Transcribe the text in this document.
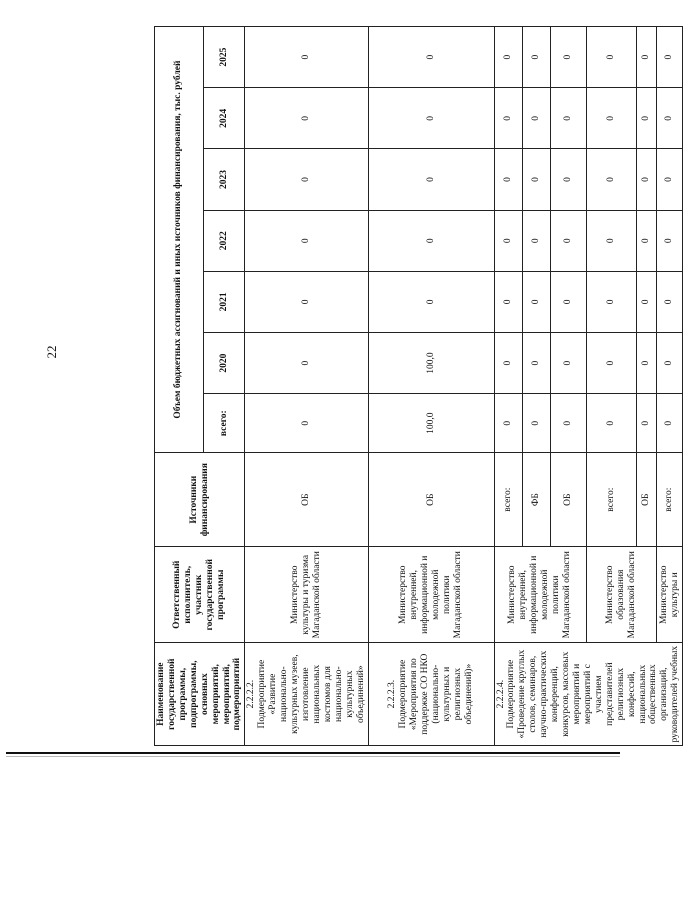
22
Наименование государственной программы, подпрограммы, основных мероприятий, мероприятий, подмероприятий	Ответственный исполнитель, участник государственной программы	Источники финансирования	Объем бюджетных ассигнований и иных источников финансирования, тыс. рублей						
			всего:	2020	2021	2022	2023	2024	2025
2.2.2.2. Подмероприятие «Развитие национально-культурных музеев, изготовление национальных костюмов для национально-культурных объединений»	Министерство культуры и туризма Магаданской области	ОБ	0	0	0	0	0	0	0
2.2.2.3. Подмероприятие «Мероприятия по поддержке СО НКО (национально-культурных и религиозных объединений)»	Министерство внутренней, информационной и молодежной политики Магаданской области	ОБ	100,0	100,0	0	0	0	0	0
2.2.2.4. Подмероприятие «Проведение круглых столов, семинаров, научно-практических конференций, конкурсов, массовых мероприятий и мероприятий с участием представителей религиозных конфессий, национальных общественных организаций, руководителей учебных	Министерство внутренней, информационной и молодежной политики Магаданской области	всего:	0	0	0	0	0	0	0
		ФБ	0	0	0	0	0	0	0
		ОБ	0	0	0	0	0	0	0
	Министерство образования Магаданской области	всего:	0	0	0	0	0	0	0
		ОБ	0	0	0	0	0	0	0
	Министерство культуры и	всего:	0	0	0	0	0	0	0
